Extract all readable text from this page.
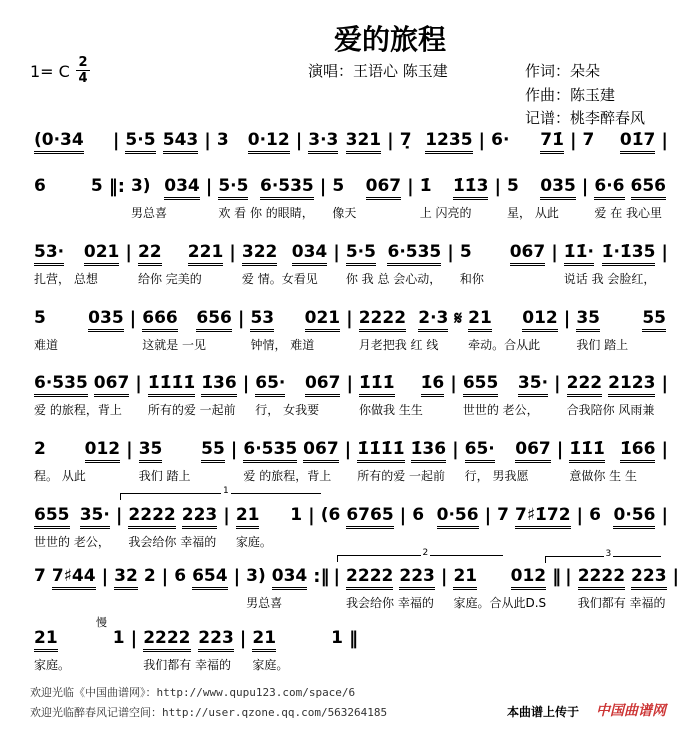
爱的旅程
1= C 2
4	演唱：王语心 陈玉建	作词：朵朵
作曲：陈玉建
记谱：桃李醉春风
(0·34 | 5·5 543 | 3 0·12 | 3·3 321 | 7̣ 1235 | 6· 71̇ | 7 01̇7 |
6	5 ‖: 3) 034
男总喜
| 5·5 6·535
欢 看 你 的眼睛，
| 5 067
像天
| 1̇ 1̇1̇3
上 闪亮的
| 5 035
星， 从此
| 6·6 656
爱 在 我心里
53· 021
扎营， 总想
| 22 221
给你 完美的
| 322 034
爱 情。女看见
| 5·5 6·535
你 我 总 会心动，
| 5 067
和你
| 1̇1̇· 1̇·1̇35
说话 我 会脸红，
|
5 035
难道
| 666 656
这就是 一见
| 53 021
钟情， 难道
| 2222 2·3
月老把我 红 线
𝄋 21 012
牵动。合从此
| 35 55
我们 踏上
6·535 067
爱 的旅程，背上
| 1̇1̇1̇1̇ 1̇36
所有的爱 一起前
| 65· 067
行， 女我要
| 1̇1̇1̇ 1̇6
你做我 生生
| 655 35·
世世的 老公，
| 222 2123
合我陪你 风雨兼
|
2 012
程。 从此
| 35 55
我们 踏上
| 6·535 067
爱 的旅程，背上
| 1̇1̇1̇1̇ 1̇36
所有的爱 一起前
| 65· 067
行， 男我愿
| 1̇1̇1̇ 1̇66
意做你 生 生
|
655 35·
世世的 老公，
| 2222 223
我会给你 幸福的
| 21 1
家庭。
| (6 6765 | 6 0·56 | 7 7♯1̇72 | 6 0·56 |
7 7♯44 | 32 2 | 6 654 | 3) 034
男总喜
:‖ | 2222 223
我会给你 幸福的
| 21 012
家庭。合从此D.S
‖ | 2222 223
我们都有 幸福的
|
21	1
家庭。
| 2222 223
我们都有 幸福的
| 21	1
家庭。
‖
1
2	3
慢
欢迎光临《中国曲谱网》：http://www.qupu123.com/space/6
欢迎光临醉春风记谱空间：http://user.qzone.qq.com/563264185	本曲谱上传于 中国曲谱网
